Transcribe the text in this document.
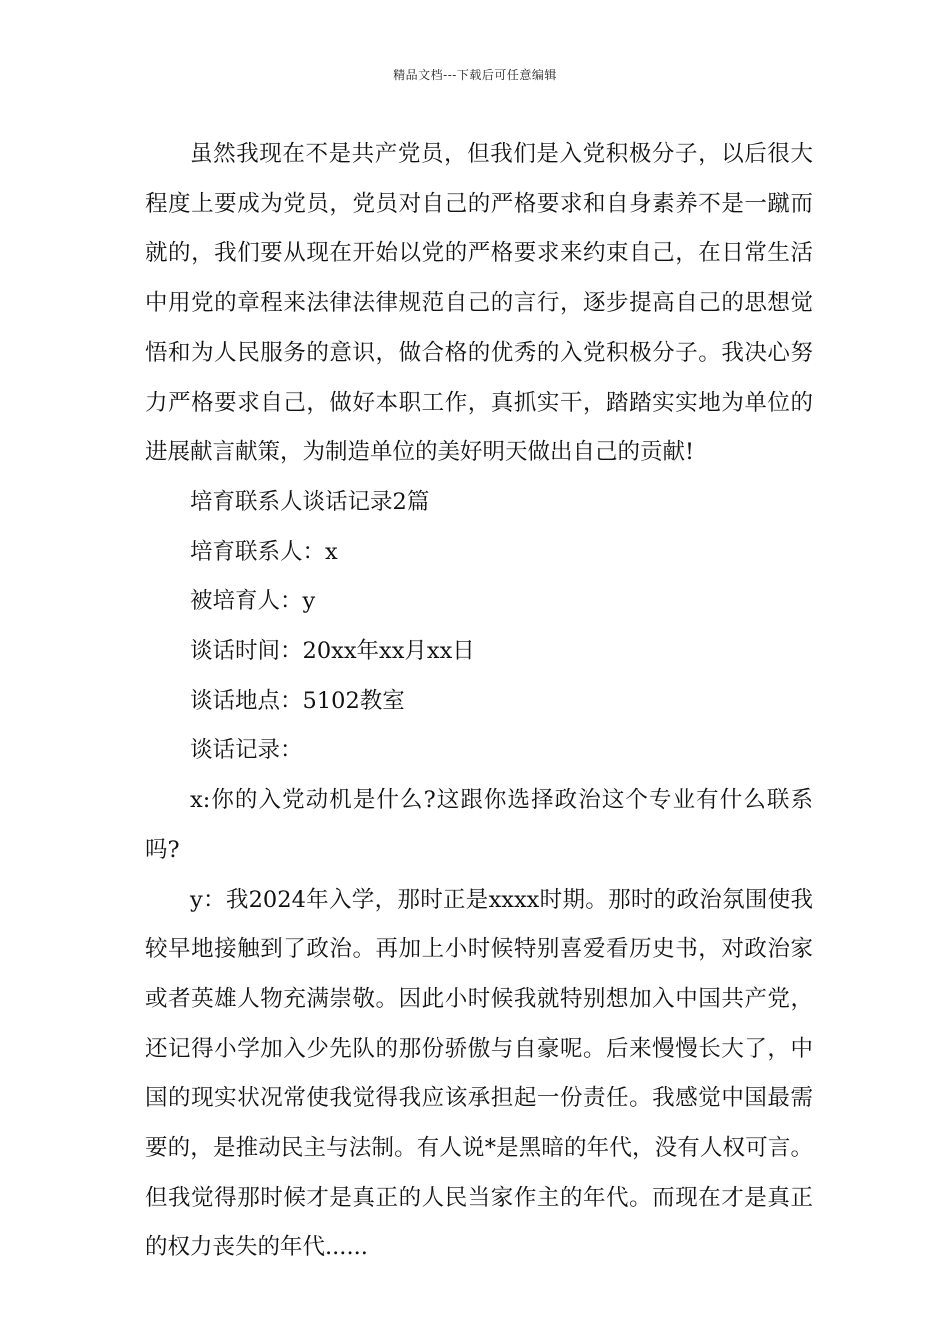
精品文档---下载后可任意编辑

虽然我现在不是共产党员，但我们是入党积极分子，以后很大程度上要成为党员，党员对自己的严格要求和自身素养不是一蹴而就的，我们要从现在开始以党的严格要求来约束自己，在日常生活中用党的章程来法律法律规范自己的言行，逐步提高自己的思想觉悟和为人民服务的意识，做合格的优秀的入党积极分子。我决心努力严格要求自己，做好本职工作，真抓实干，踏踏实实地为单位的进展献言献策，为制造单位的美好明天做出自己的贡献!

培育联系人谈话记录2篇

培育联系人：x

被培育人：y

谈话时间：20xx年xx月xx日

谈话地点：5102教室

谈话记录：

x:你的入党动机是什么?这跟你选择政治这个专业有什么联系吗?

y：我2024年入学，那时正是xxxx时期。那时的政治氛围使我较早地接触到了政治。再加上小时候特别喜爱看历史书，对政治家或者英雄人物充满崇敬。因此小时候我就特别想加入中国共产党，还记得小学加入少先队的那份骄傲与自豪呢。后来慢慢长大了，中国的现实状况常使我觉得我应该承担起一份责任。我感觉中国最需要的，是推动民主与法制。有人说*是黑暗的年代，没有人权可言。但我觉得那时候才是真正的人民当家作主的年代。而现在才是真正的权力丧失的年代......
